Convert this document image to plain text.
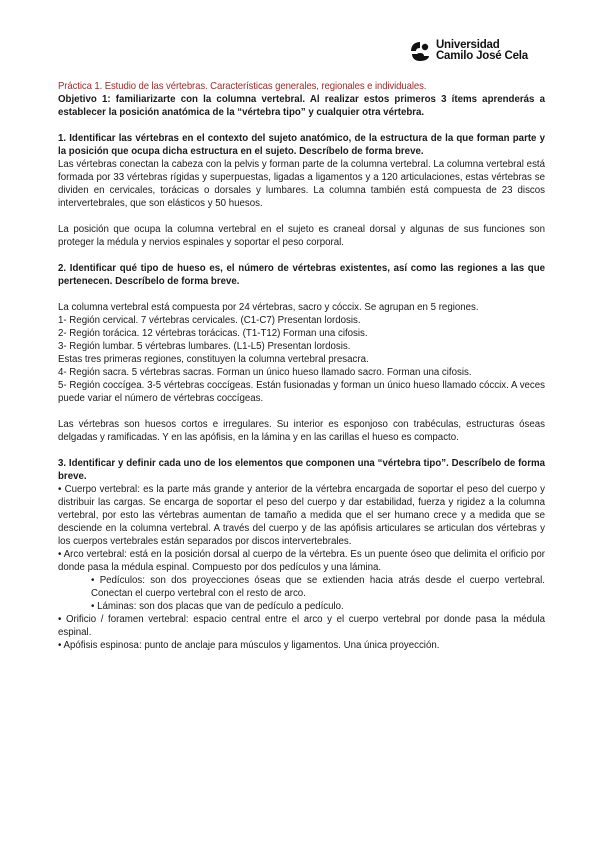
Universidad
Camilo José Cela

Práctica 1. Estudio de las vértebras. Características generales, regionales e individuales.

Objetivo 1: familiarizarte con la columna vertebral. Al realizar estos primeros 3 ítems aprenderás a establecer la posición anatómica de la “vértebra tipo” y cualquier otra vértebra.

1. Identificar las vértebras en el contexto del sujeto anatómico, de la estructura de la que forman parte y la posición que ocupa dicha estructura en el sujeto. Descríbelo de forma breve.

Las vértebras conectan la cabeza con la pelvis y forman parte de la columna vertebral. La columna vertebral está formada por 33 vértebras rígidas y superpuestas, ligadas a ligamentos y a 120 articulaciones, estas vértebras se dividen en cervicales, torácicas o dorsales y lumbares. La columna también está compuesta de 23 discos intervertebrales, que son elásticos y 50 huesos.

La posición que ocupa la columna vertebral en el sujeto es craneal dorsal y algunas de sus funciones son proteger la médula y nervios espinales y soportar el peso corporal.

2. Identificar qué tipo de hueso es, el número de vértebras existentes, así como las regiones a las que pertenecen. Descríbelo de forma breve.

La columna vertebral está compuesta por 24 vértebras, sacro y cóccix. Se agrupan en 5 regiones.

1- Región cervical. 7 vértebras cervicales. (C1-C7) Presentan lordosis.

2- Región torácica. 12 vértebras torácicas. (T1-T12) Forman una cifosis.

3- Región lumbar. 5 vértebras lumbares. (L1-L5) Presentan lordosis.

Estas tres primeras regiones, constituyen la columna vertebral presacra.

4- Región sacra. 5 vértebras sacras. Forman un único hueso llamado sacro. Forman una cifosis.

5- Región coccígea. 3-5 vértebras coccígeas. Están fusionadas y forman un único hueso llamado cóccix. A veces puede variar el número de vértebras coccígeas.

Las vértebras son huesos cortos e irregulares. Su interior es esponjoso con trabéculas, estructuras óseas delgadas y ramificadas. Y en las apófisis, en la lámina y en las carillas el hueso es compacto.

3. Identificar y definir cada uno de los elementos que componen una “vértebra tipo”. Descríbelo de forma breve.

• Cuerpo vertebral: es la parte más grande y anterior de la vértebra encargada de soportar el peso del cuerpo y distribuir las cargas. Se encarga de soportar el peso del cuerpo y dar estabilidad, fuerza y rigidez a la columna vertebral, por esto las vértebras aumentan de tamaño a medida que el ser humano crece y a medida que se desciende en la columna vertebral. A través del cuerpo y de las apófisis articulares se articulan dos vértebras y los cuerpos vertebrales están separados por discos intervertebrales.

• Arco vertebral: está en la posición dorsal al cuerpo de la vértebra. Es un puente óseo que delimita el orificio por donde pasa la médula espinal. Compuesto por dos pedículos y una lámina.

• Pedículos: son dos proyecciones óseas que se extienden hacia atrás desde el cuerpo vertebral. Conectan el cuerpo vertebral con el resto de arco.

• Láminas: son dos placas que van de pedículo a pedículo.

• Orificio / foramen vertebral: espacio central entre el arco y el cuerpo vertebral por donde pasa la médula espinal.

• Apófisis espinosa: punto de anclaje para músculos y ligamentos. Una única proyección.
